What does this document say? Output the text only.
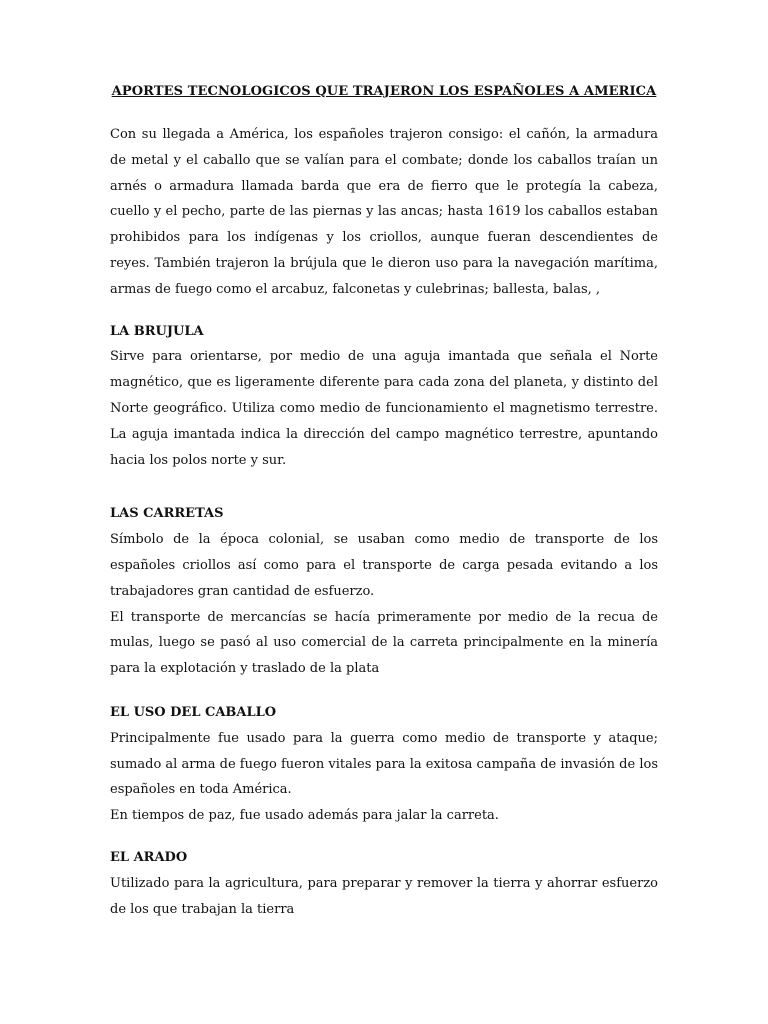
APORTES TECNOLOGICOS QUE TRAJERON LOS ESPAÑOLES A AMERICA

Con su llegada a América, los españoles trajeron consigo: el cañón, la armadura de metal y el caballo que se valían para el combate; donde los caballos traían un arnés o armadura llamada barda que era de fierro que le protegía la cabeza, cuello y el pecho, parte de las piernas y las ancas; hasta 1619 los caballos estaban prohibidos para los indígenas y los criollos, aunque fueran descendientes de reyes. También trajeron la brújula que le dieron uso para la navegación marítima, armas de fuego como el arcabuz, falconetas y culebrinas; ballesta, balas, ,

LA BRUJULA

Sirve para orientarse, por medio de una aguja imantada que señala el Norte magnético, que es ligeramente diferente para cada zona del planeta, y distinto del Norte geográfico. Utiliza como medio de funcionamiento el magnetismo terrestre. La aguja imantada indica la dirección del campo magnético terrestre, apuntando hacia los polos norte y sur.

LAS CARRETAS

Símbolo de la época colonial, se usaban como medio de transporte de los españoles criollos así como para el transporte de carga pesada evitando a los trabajadores gran cantidad de esfuerzo.

El transporte de mercancías se hacía primeramente por medio de la recua de mulas, luego se pasó al uso comercial de la carreta principalmente en la minería para la explotación y traslado de la plata

EL USO DEL CABALLO

Principalmente fue usado para la guerra como medio de transporte y ataque; sumado al arma de fuego fueron vitales para la exitosa campaña de invasión de los españoles en toda América.

En tiempos de paz, fue usado además para jalar la carreta.

EL ARADO

Utilizado para la agricultura, para preparar y remover la tierra y ahorrar esfuerzo de los que trabajan la tierra
